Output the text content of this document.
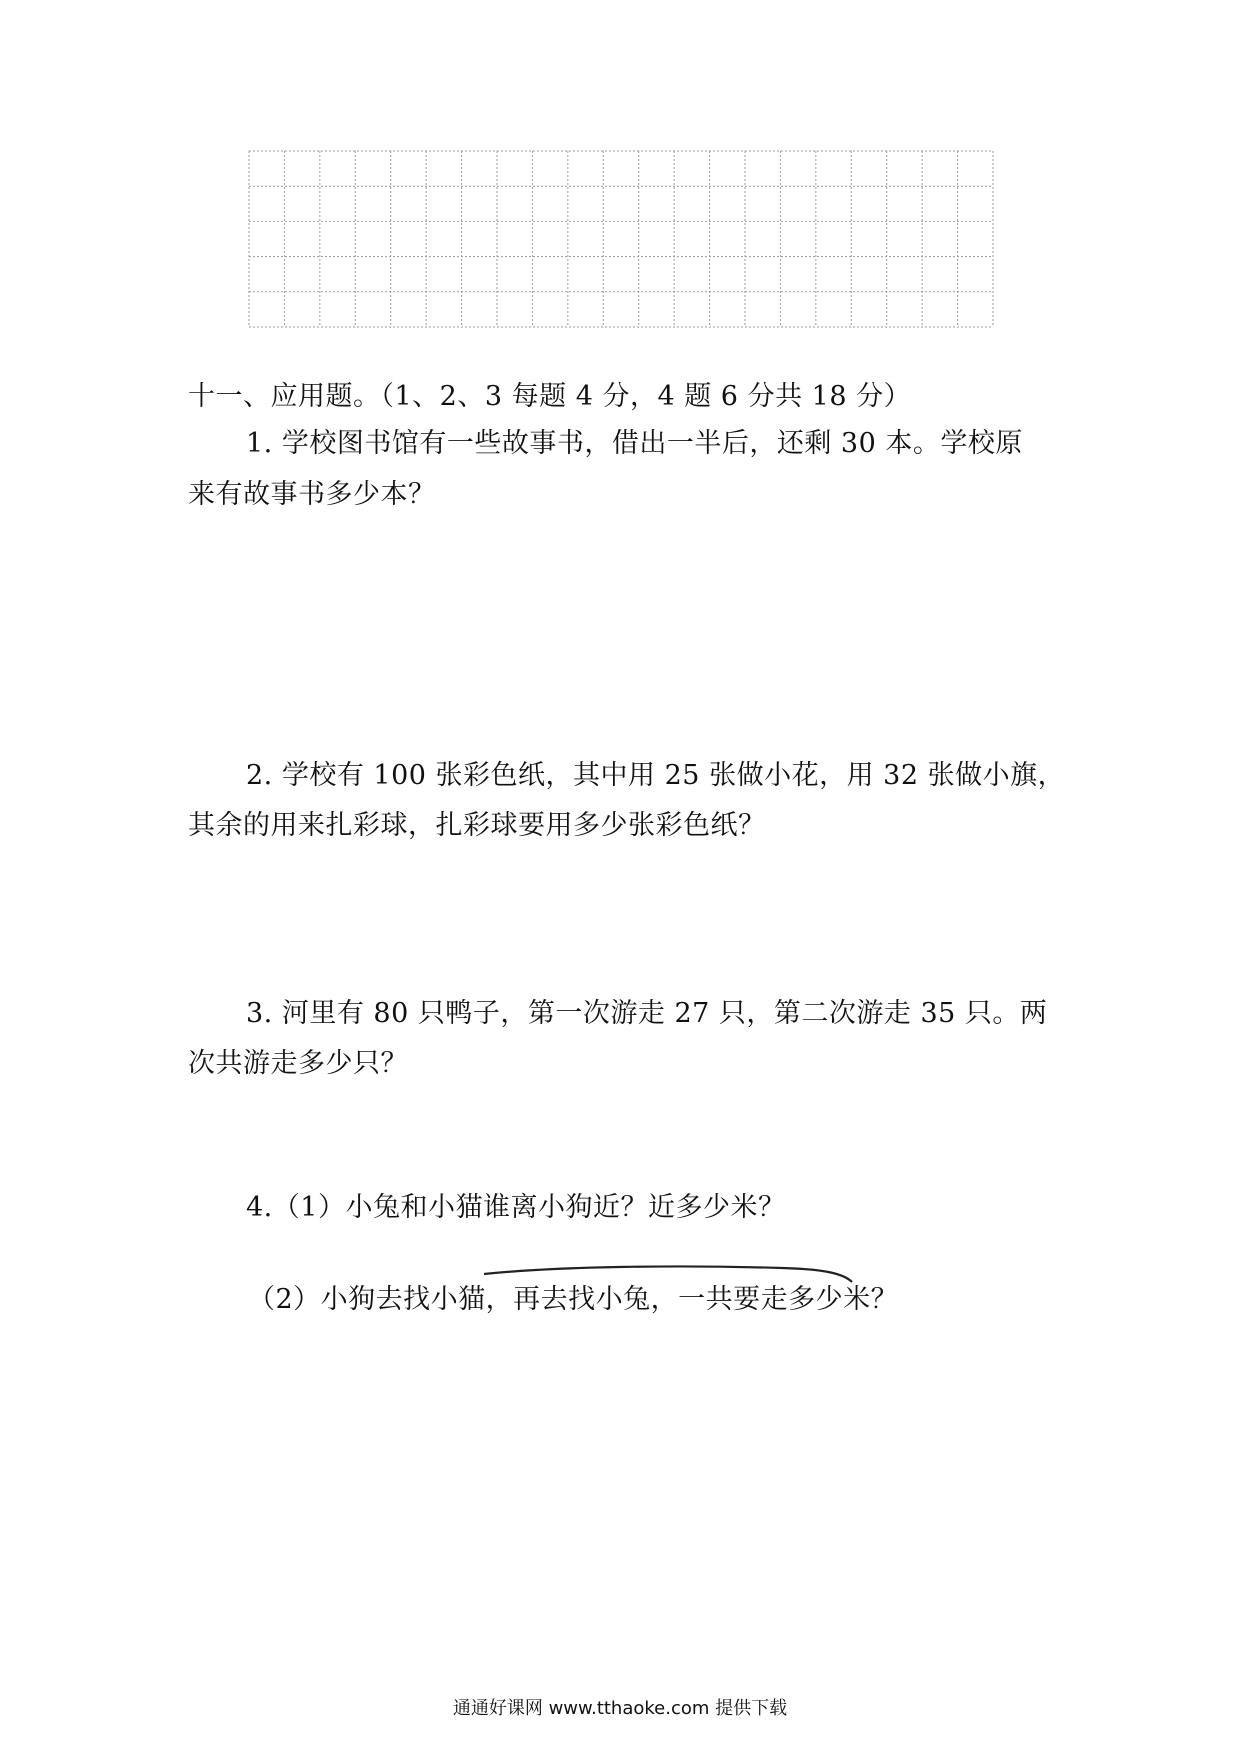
十一、应用题。（1、2、3 每题 4 分，4 题 6 分共 18 分）
1. 学校图书馆有一些故事书，借出一半后，还剩 30 本。学校原
来有故事书多少本？
2. 学校有 100 张彩色纸，其中用 25 张做小花，用 32 张做小旗，
其余的用来扎彩球，扎彩球要用多少张彩色纸？
3. 河里有 80 只鸭子，第一次游走 27 只，第二次游走 35 只。两
次共游走多少只？
4.（1）小兔和小猫谁离小狗近？近多少米？
（2）小狗去找小猫，再去找小兔，一共要走多少米？
通通好课网 www.tthaoke.com 提供下载
